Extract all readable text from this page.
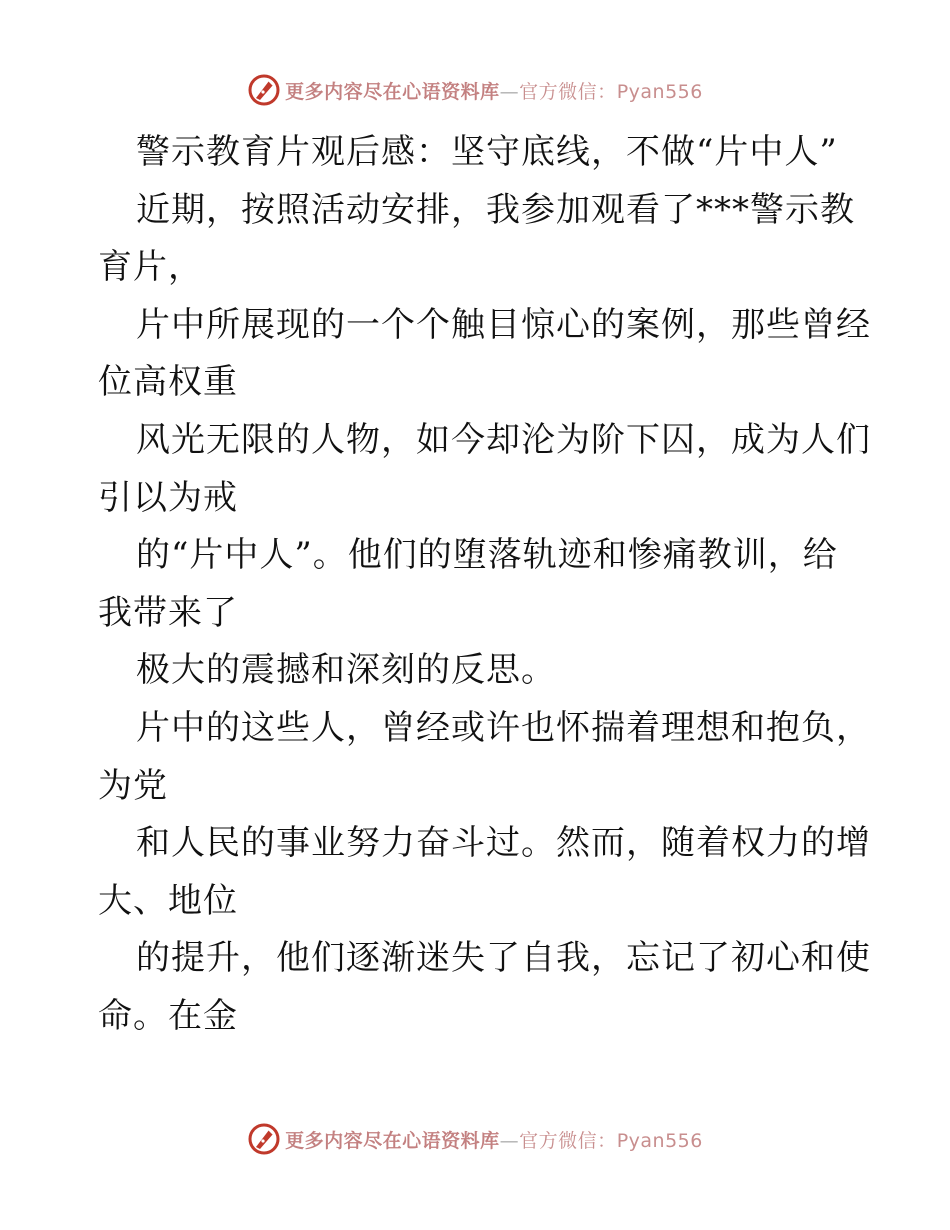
更多内容尽在心语资料库—官方微信：Pyan556
警示教育片观后感：坚守底线，不做“片中人”
近期，按照活动安排，我参加观看了***警示教
育片，
片中所展现的一个个触目惊心的案例，那些曾经
位高权重
风光无限的人物，如今却沦为阶下囚，成为人们
引以为戒
的“片中人”。他们的堕落轨迹和惨痛教训，给
我带来了
极大的震撼和深刻的反思。
片中的这些人，曾经或许也怀揣着理想和抱负，
为党
和人民的事业努力奋斗过。然而，随着权力的增
大、地位
的提升，他们逐渐迷失了自我，忘记了初心和使
命。在金
更多内容尽在心语资料库—官方微信：Pyan556
